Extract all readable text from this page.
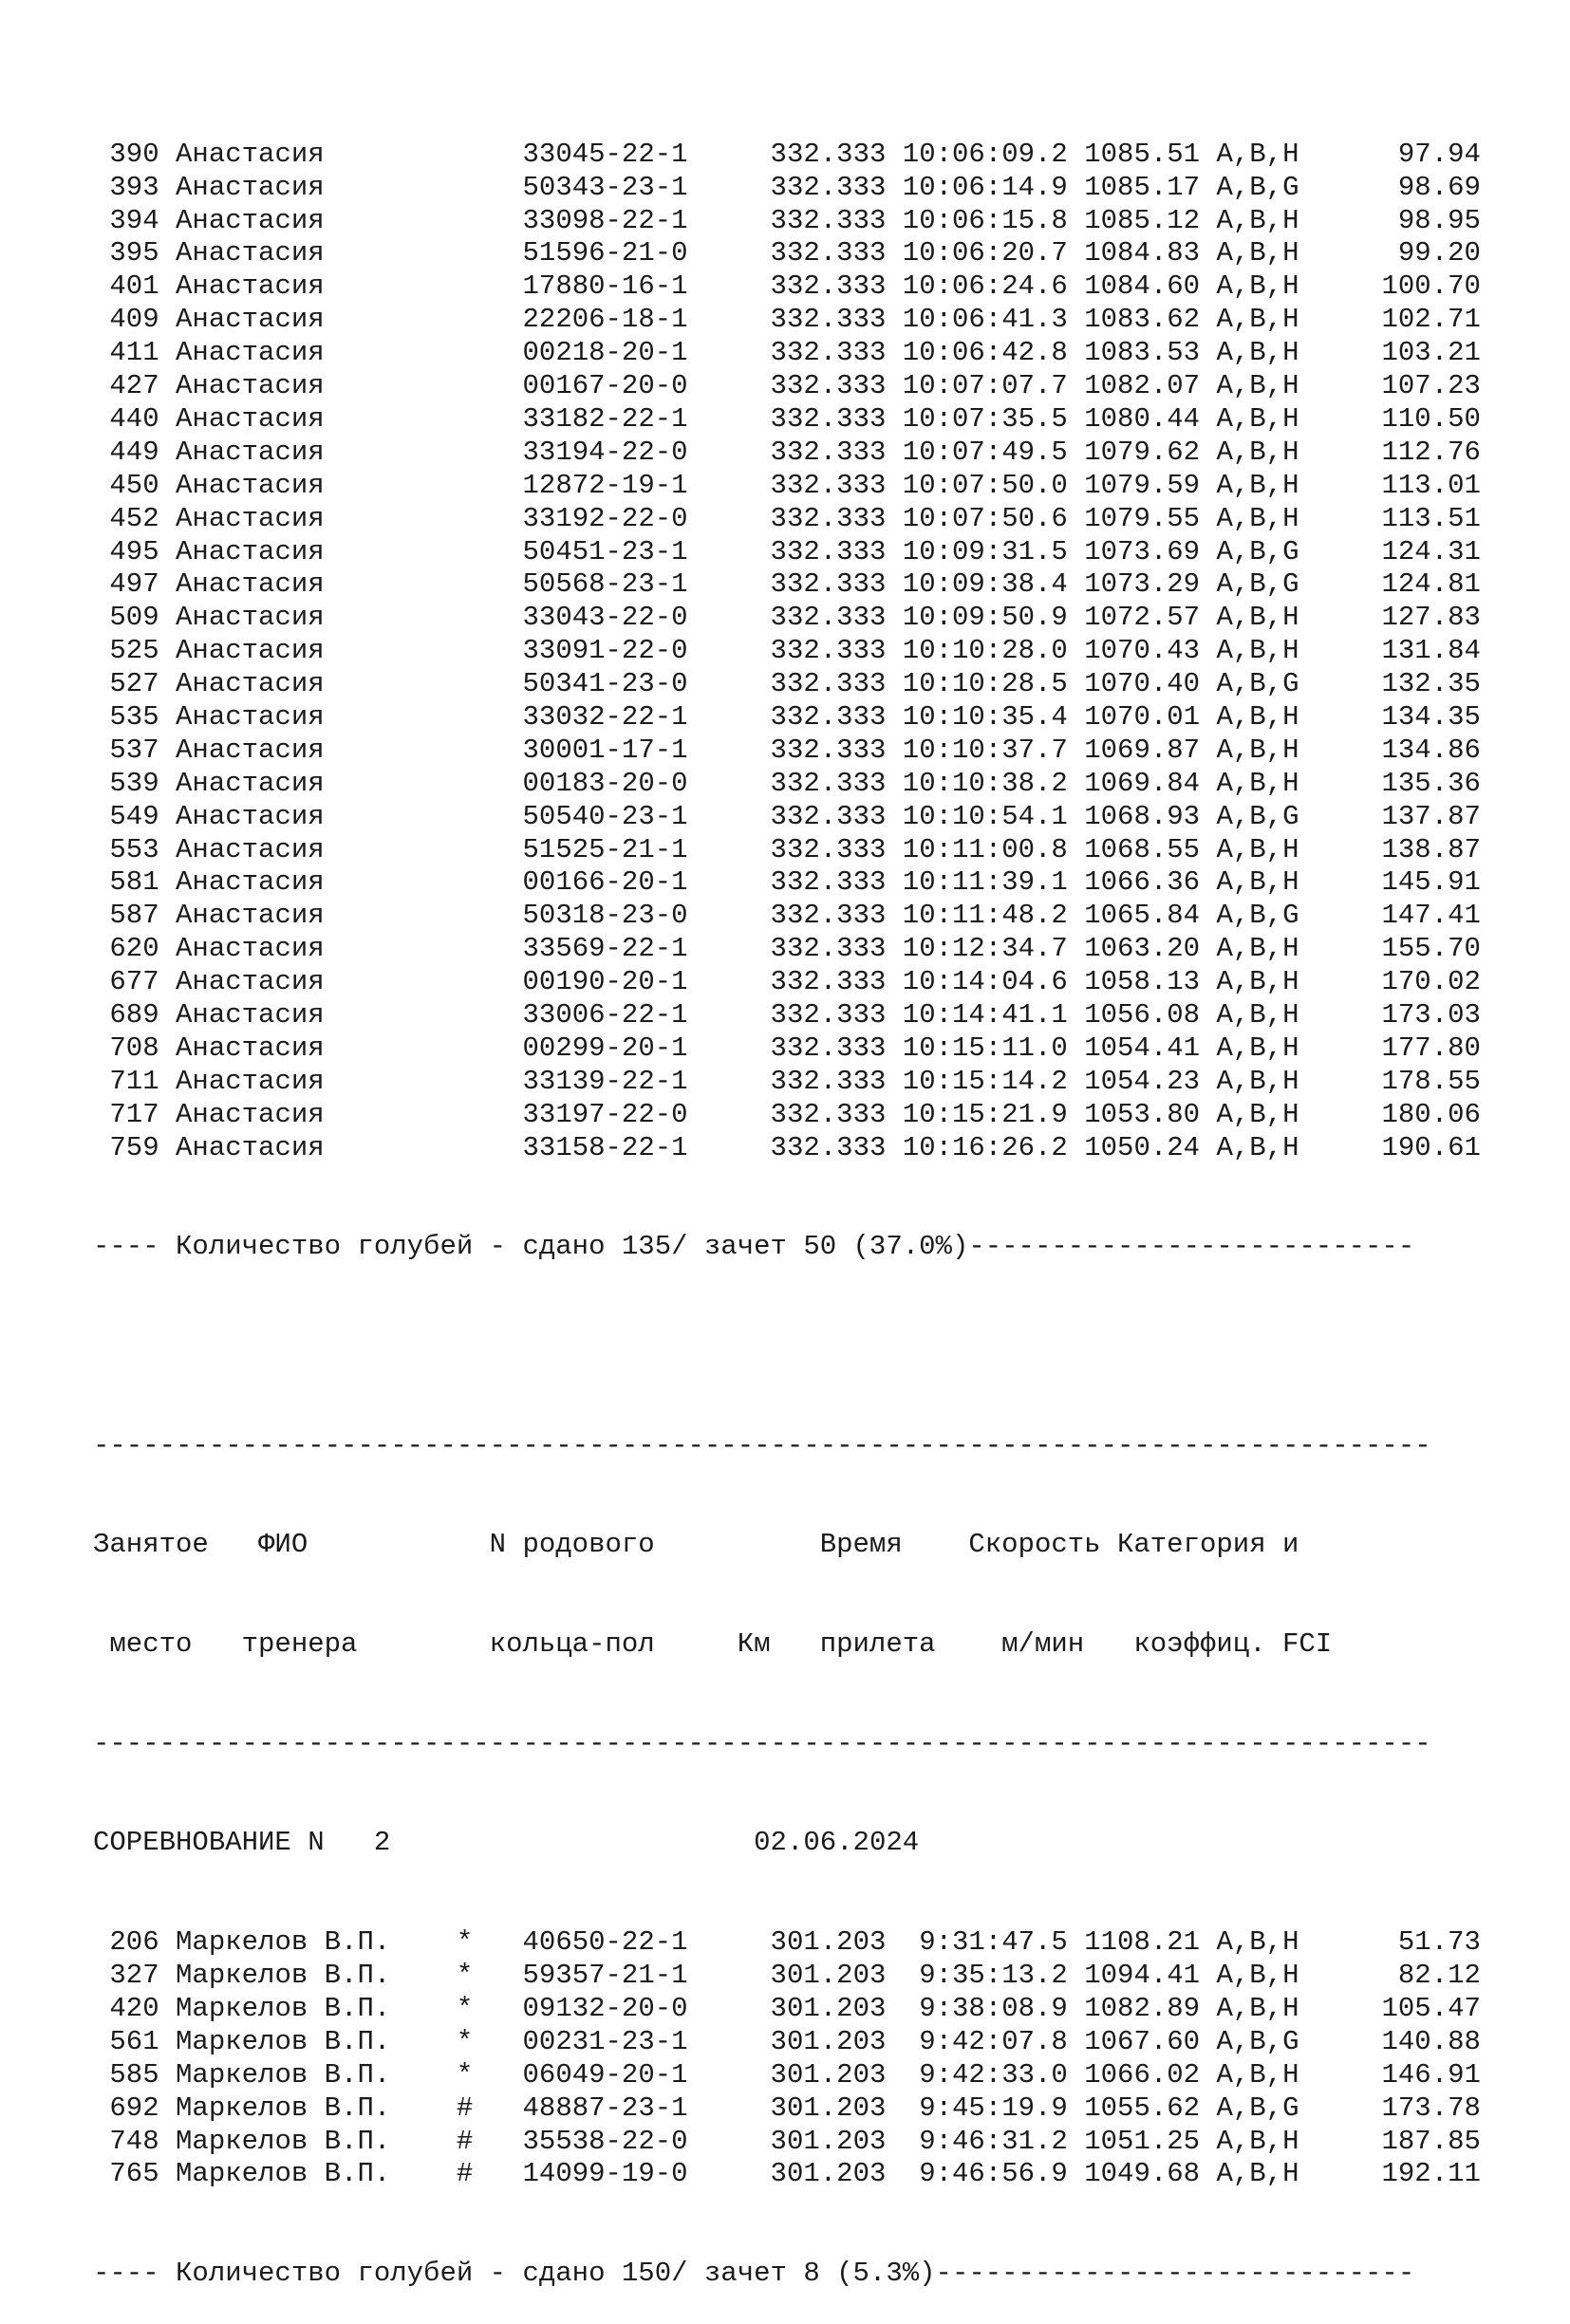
390 Анастасия            33045-22-1     332.333 10:06:09.2 1085.51 A,B,H      97.94
393 Анастасия            50343-23-1     332.333 10:06:14.9 1085.17 A,B,G      98.69
394 Анастасия            33098-22-1     332.333 10:06:15.8 1085.12 A,B,H      98.95
395 Анастасия            51596-21-0     332.333 10:06:20.7 1084.83 A,B,H      99.20
401 Анастасия            17880-16-1     332.333 10:06:24.6 1084.60 A,B,H     100.70
409 Анастасия            22206-18-1     332.333 10:06:41.3 1083.62 A,B,H     102.71
411 Анастасия            00218-20-1     332.333 10:06:42.8 1083.53 A,B,H     103.21
427 Анастасия            00167-20-0     332.333 10:07:07.7 1082.07 A,B,H     107.23
440 Анастасия            33182-22-1     332.333 10:07:35.5 1080.44 A,B,H     110.50
449 Анастасия            33194-22-0     332.333 10:07:49.5 1079.62 A,B,H     112.76
450 Анастасия            12872-19-1     332.333 10:07:50.0 1079.59 A,B,H     113.01
452 Анастасия            33192-22-0     332.333 10:07:50.6 1079.55 A,B,H     113.51
495 Анастасия            50451-23-1     332.333 10:09:31.5 1073.69 A,B,G     124.31
497 Анастасия            50568-23-1     332.333 10:09:38.4 1073.29 A,B,G     124.81
509 Анастасия            33043-22-0     332.333 10:09:50.9 1072.57 A,B,H     127.83
525 Анастасия            33091-22-0     332.333 10:10:28.0 1070.43 A,B,H     131.84
527 Анастасия            50341-23-0     332.333 10:10:28.5 1070.40 A,B,G     132.35
535 Анастасия            33032-22-1     332.333 10:10:35.4 1070.01 A,B,H     134.35
537 Анастасия            30001-17-1     332.333 10:10:37.7 1069.87 A,B,H     134.86
539 Анастасия            00183-20-0     332.333 10:10:38.2 1069.84 A,B,H     135.36
549 Анастасия            50540-23-1     332.333 10:10:54.1 1068.93 A,B,G     137.87
553 Анастасия            51525-21-1     332.333 10:11:00.8 1068.55 A,B,H     138.87
581 Анастасия            00166-20-1     332.333 10:11:39.1 1066.36 A,B,H     145.91
587 Анастасия            50318-23-0     332.333 10:11:48.2 1065.84 A,B,G     147.41
620 Анастасия            33569-22-1     332.333 10:12:34.7 1063.20 A,B,H     155.70
677 Анастасия            00190-20-1     332.333 10:14:04.6 1058.13 A,B,H     170.02
689 Анастасия            33006-22-1     332.333 10:14:41.1 1056.08 A,B,H     173.03
708 Анастасия            00299-20-1     332.333 10:15:11.0 1054.41 A,B,H     177.80
711 Анастасия            33139-22-1     332.333 10:15:14.2 1054.23 A,B,H     178.55
717 Анастасия            33197-22-0     332.333 10:15:21.9 1053.80 A,B,H     180.06
759 Анастасия            33158-22-1     332.333 10:16:26.2 1050.24 A,B,H     190.61

---- Количество голубей - сдано 135/ зачет 50 (37.0%)---------------------------

---------------------------------------------------------------------------------

Занятое   ФИО           N родового          Время    Скорость Категория и

место   тренера        кольца-пол     Км   прилета    м/мин   коэффиц. FCI

---------------------------------------------------------------------------------

СОРЕВНОВАНИЕ N   2	02.06.2024

206 Маркелов В.П.    *   40650-22-1     301.203  9:31:47.5 1108.21 A,B,H      51.73
327 Маркелов В.П.    *   59357-21-1     301.203  9:35:13.2 1094.41 A,B,H      82.12
420 Маркелов В.П.    *   09132-20-0     301.203  9:38:08.9 1082.89 A,B,H     105.47
561 Маркелов В.П.    *   00231-23-1     301.203  9:42:07.8 1067.60 A,B,G     140.88
585 Маркелов В.П.    *   06049-20-1     301.203  9:42:33.0 1066.02 A,B,H     146.91
692 Маркелов В.П.    #   48887-23-1     301.203  9:45:19.9 1055.62 A,B,G     173.78
748 Маркелов В.П.    #   35538-22-0     301.203  9:46:31.2 1051.25 A,B,H     187.85
765 Маркелов В.П.    #   14099-19-0     301.203  9:46:56.9 1049.68 A,B,H     192.11

---- Количество голубей - сдано 150/ зачет 8 (5.3%)-----------------------------
